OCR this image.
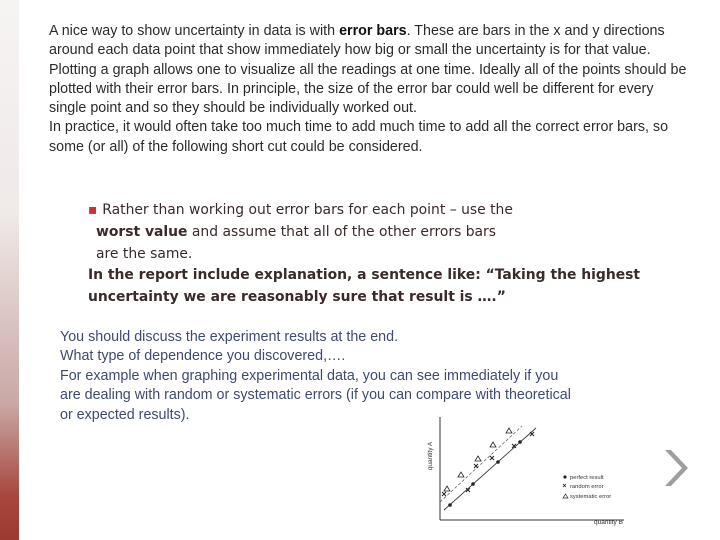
A nice way to show uncertainty in data is with error bars. These are bars in the x and y directions around each data point that show immediately how big or small the uncertainty is for that value.

Plotting a graph allows one to visualize all the readings at one time. Ideally all of the points should be plotted with their error bars. In principle, the size of the error bar could well be different for every single point and so they should be individually worked out.

In practice, it would often take too much time to add much time to add all the correct error bars, so some (or all) of the following short cut could be considered.

▪ Rather than working out error bars for each point – use the

worst value and assume that all of the other errors bars

are the same.

In the report include explanation, a sentence like: “Taking the highest uncertainty we are reasonably sure that result is ….”

You should discuss the experiment results at the end.

What type of dependence you discovered,….

For example when graphing experimental data, you can see immediately if you are dealing with random or systematic errors (if you can compare with theoretical or expected results).

quantity A
quantity B
perfect result
random error
systematic error
